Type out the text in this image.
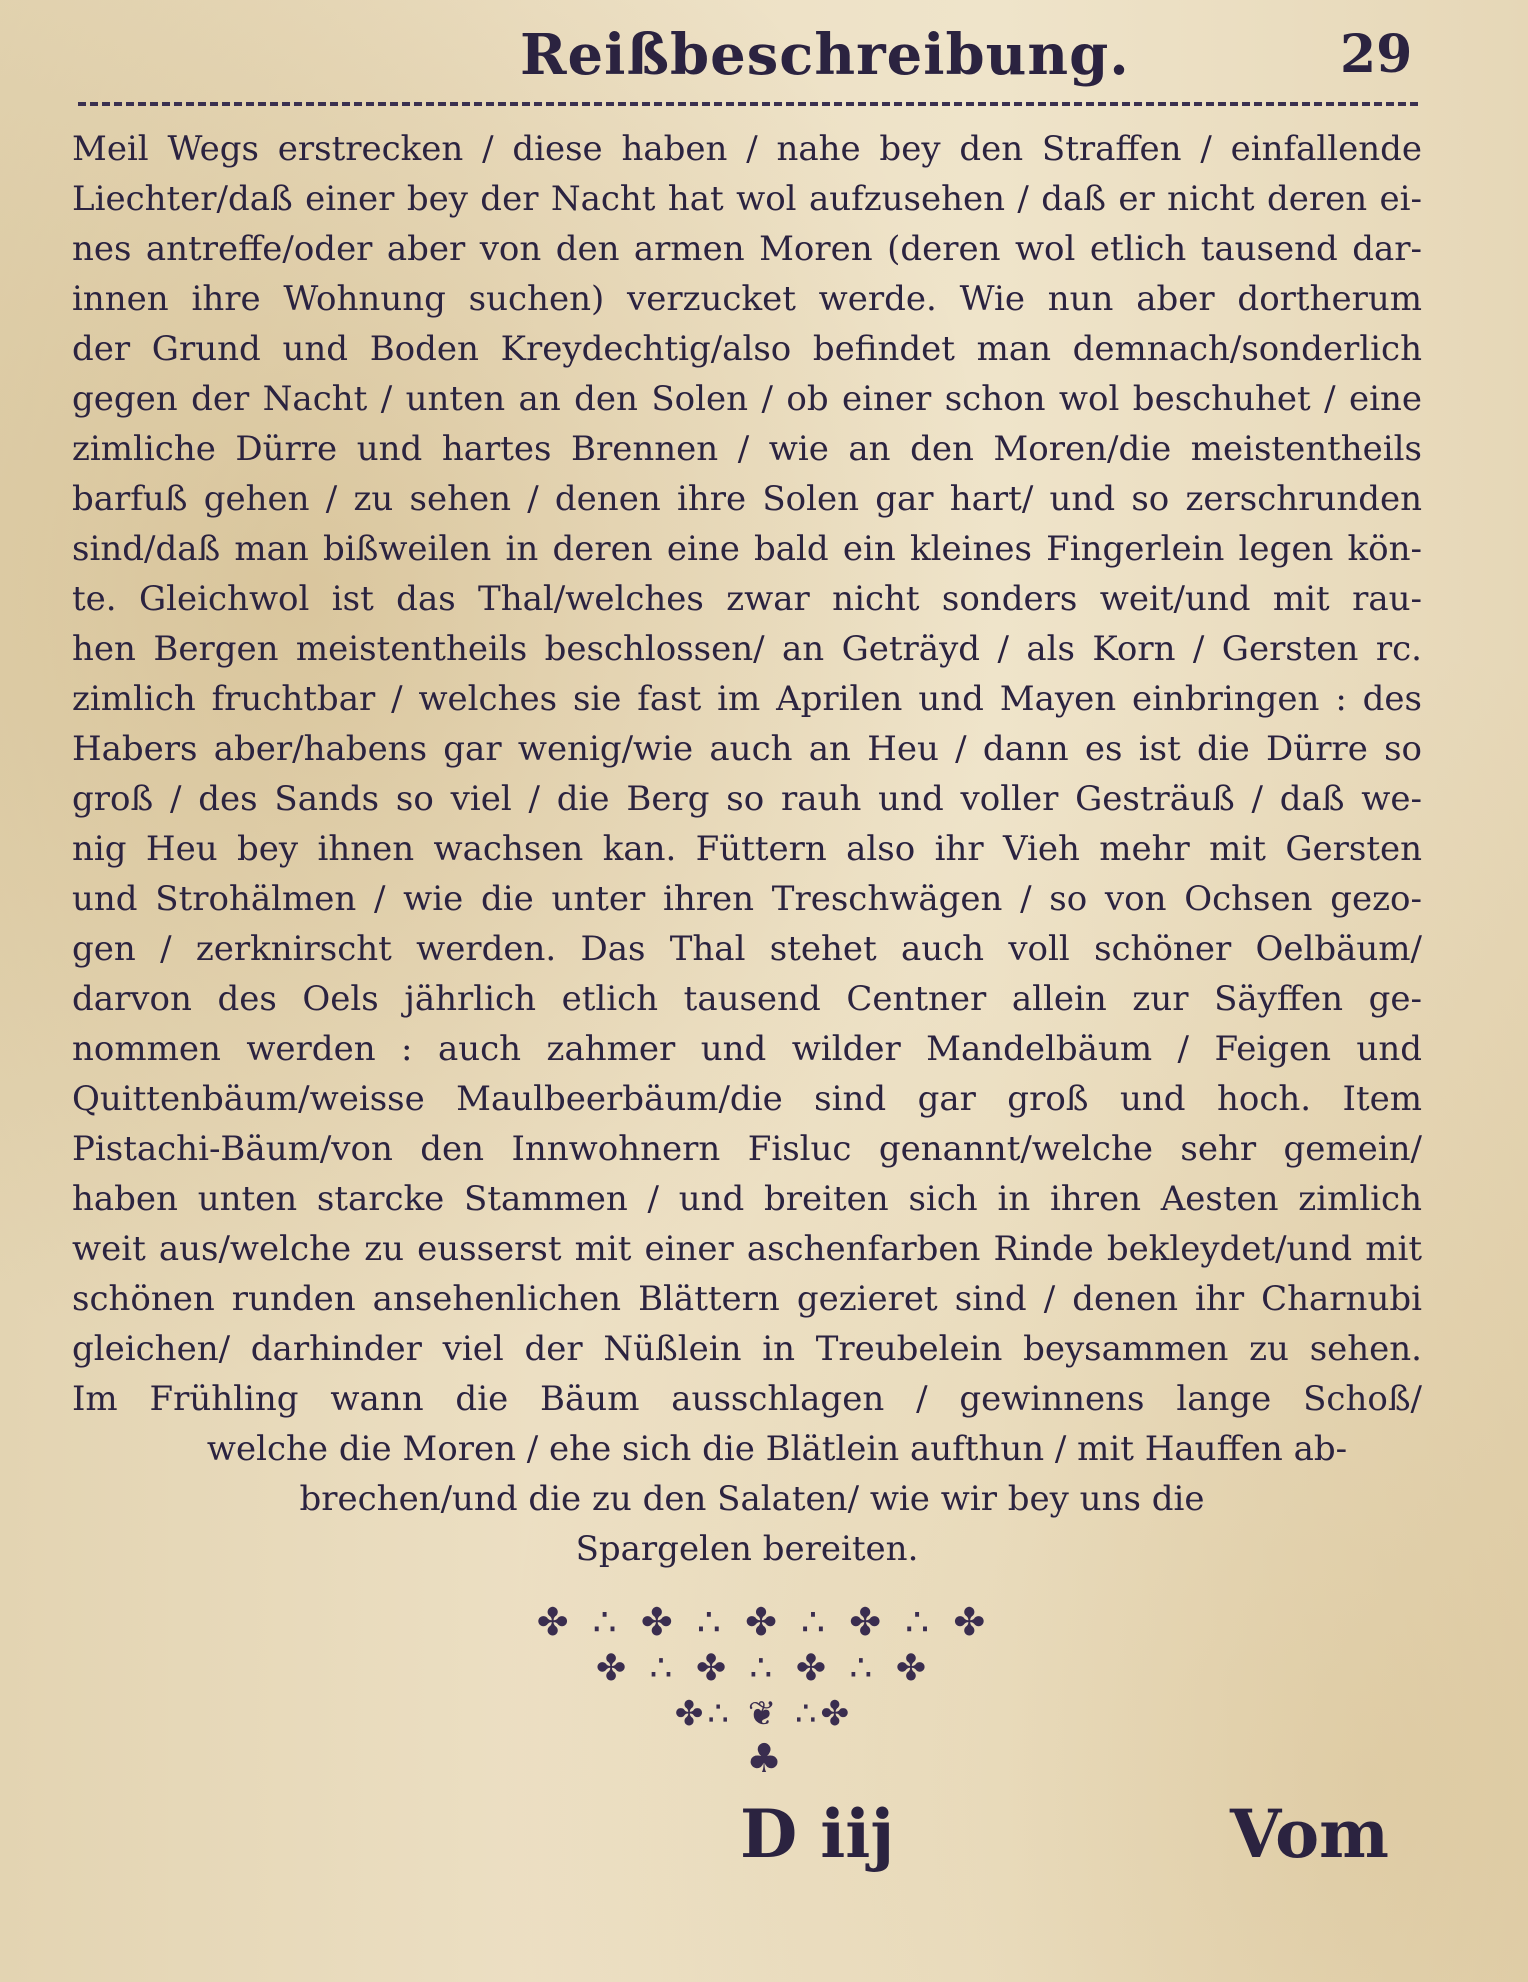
Reißbeschreibung.	29
Meil Wegs erstrecken / diese haben / nahe bey den Straffen / einfallende
Liechter/daß einer bey der Nacht hat wol aufzusehen / daß er nicht deren ei-
nes antreffe/oder aber von den armen Moren (deren wol etlich tausend dar-
innen ihre Wohnung suchen) verzucket werde. Wie nun aber dortherum
der Grund und Boden Kreydechtig/also befindet man demnach/sonderlich
gegen der Nacht / unten an den Solen / ob einer schon wol beschuhet / eine
zimliche Dürre und hartes Brennen / wie an den Moren/die meistentheils
barfuß gehen / zu sehen / denen ihre Solen gar hart/ und so zerschrunden
sind/daß man bißweilen in deren eine bald ein kleines Fingerlein legen kön-
te. Gleichwol ist das Thal/welches zwar nicht sonders weit/und mit rau-
hen Bergen meistentheils beschlossen/ an Geträyd / als Korn / Gersten rc.
zimlich fruchtbar / welches sie fast im Aprilen und Mayen einbringen : des
Habers aber/habens gar wenig/wie auch an Heu / dann es ist die Dürre so
groß / des Sands so viel / die Berg so rauh und voller Gesträuß / daß we-
nig Heu bey ihnen wachsen kan. Füttern also ihr Vieh mehr mit Gersten
und Strohälmen / wie die unter ihren Treschwägen / so von Ochsen gezo-
gen / zerknirscht werden. Das Thal stehet auch voll schöner Oelbäum/
darvon des Oels jährlich etlich tausend Centner allein zur Säyffen ge-
nommen werden : auch zahmer und wilder Mandelbäum / Feigen und
Quittenbäum/weisse Maulbeerbäum/die sind gar groß und hoch. Item
Pistachi-Bäum/von den Innwohnern Fisluc genannt/welche sehr gemein/
haben unten starcke Stammen / und breiten sich in ihren Aesten zimlich
weit aus/welche zu eusserst mit einer aschenfarben Rinde bekleydet/und mit
schönen runden ansehenlichen Blättern gezieret sind / denen ihr Charnubi
gleichen/ darhinder viel der Nüßlein in Treubelein beysammen zu sehen.
Im Frühling wann die Bäum ausschlagen / gewinnens lange Schoß/
welche die Moren / ehe sich die Blätlein aufthun / mit Hauffen ab-
brechen/und die zu den Salaten/ wie wir bey uns die
Spargelen bereiten.
✤ ∴ ✤ ∴ ✤ ∴ ✤ ∴ ✤
✤ ∴ ✤ ∴ ✤ ∴ ✤
✤∴ ❦ ∴✤
♣
D iij	Vom
